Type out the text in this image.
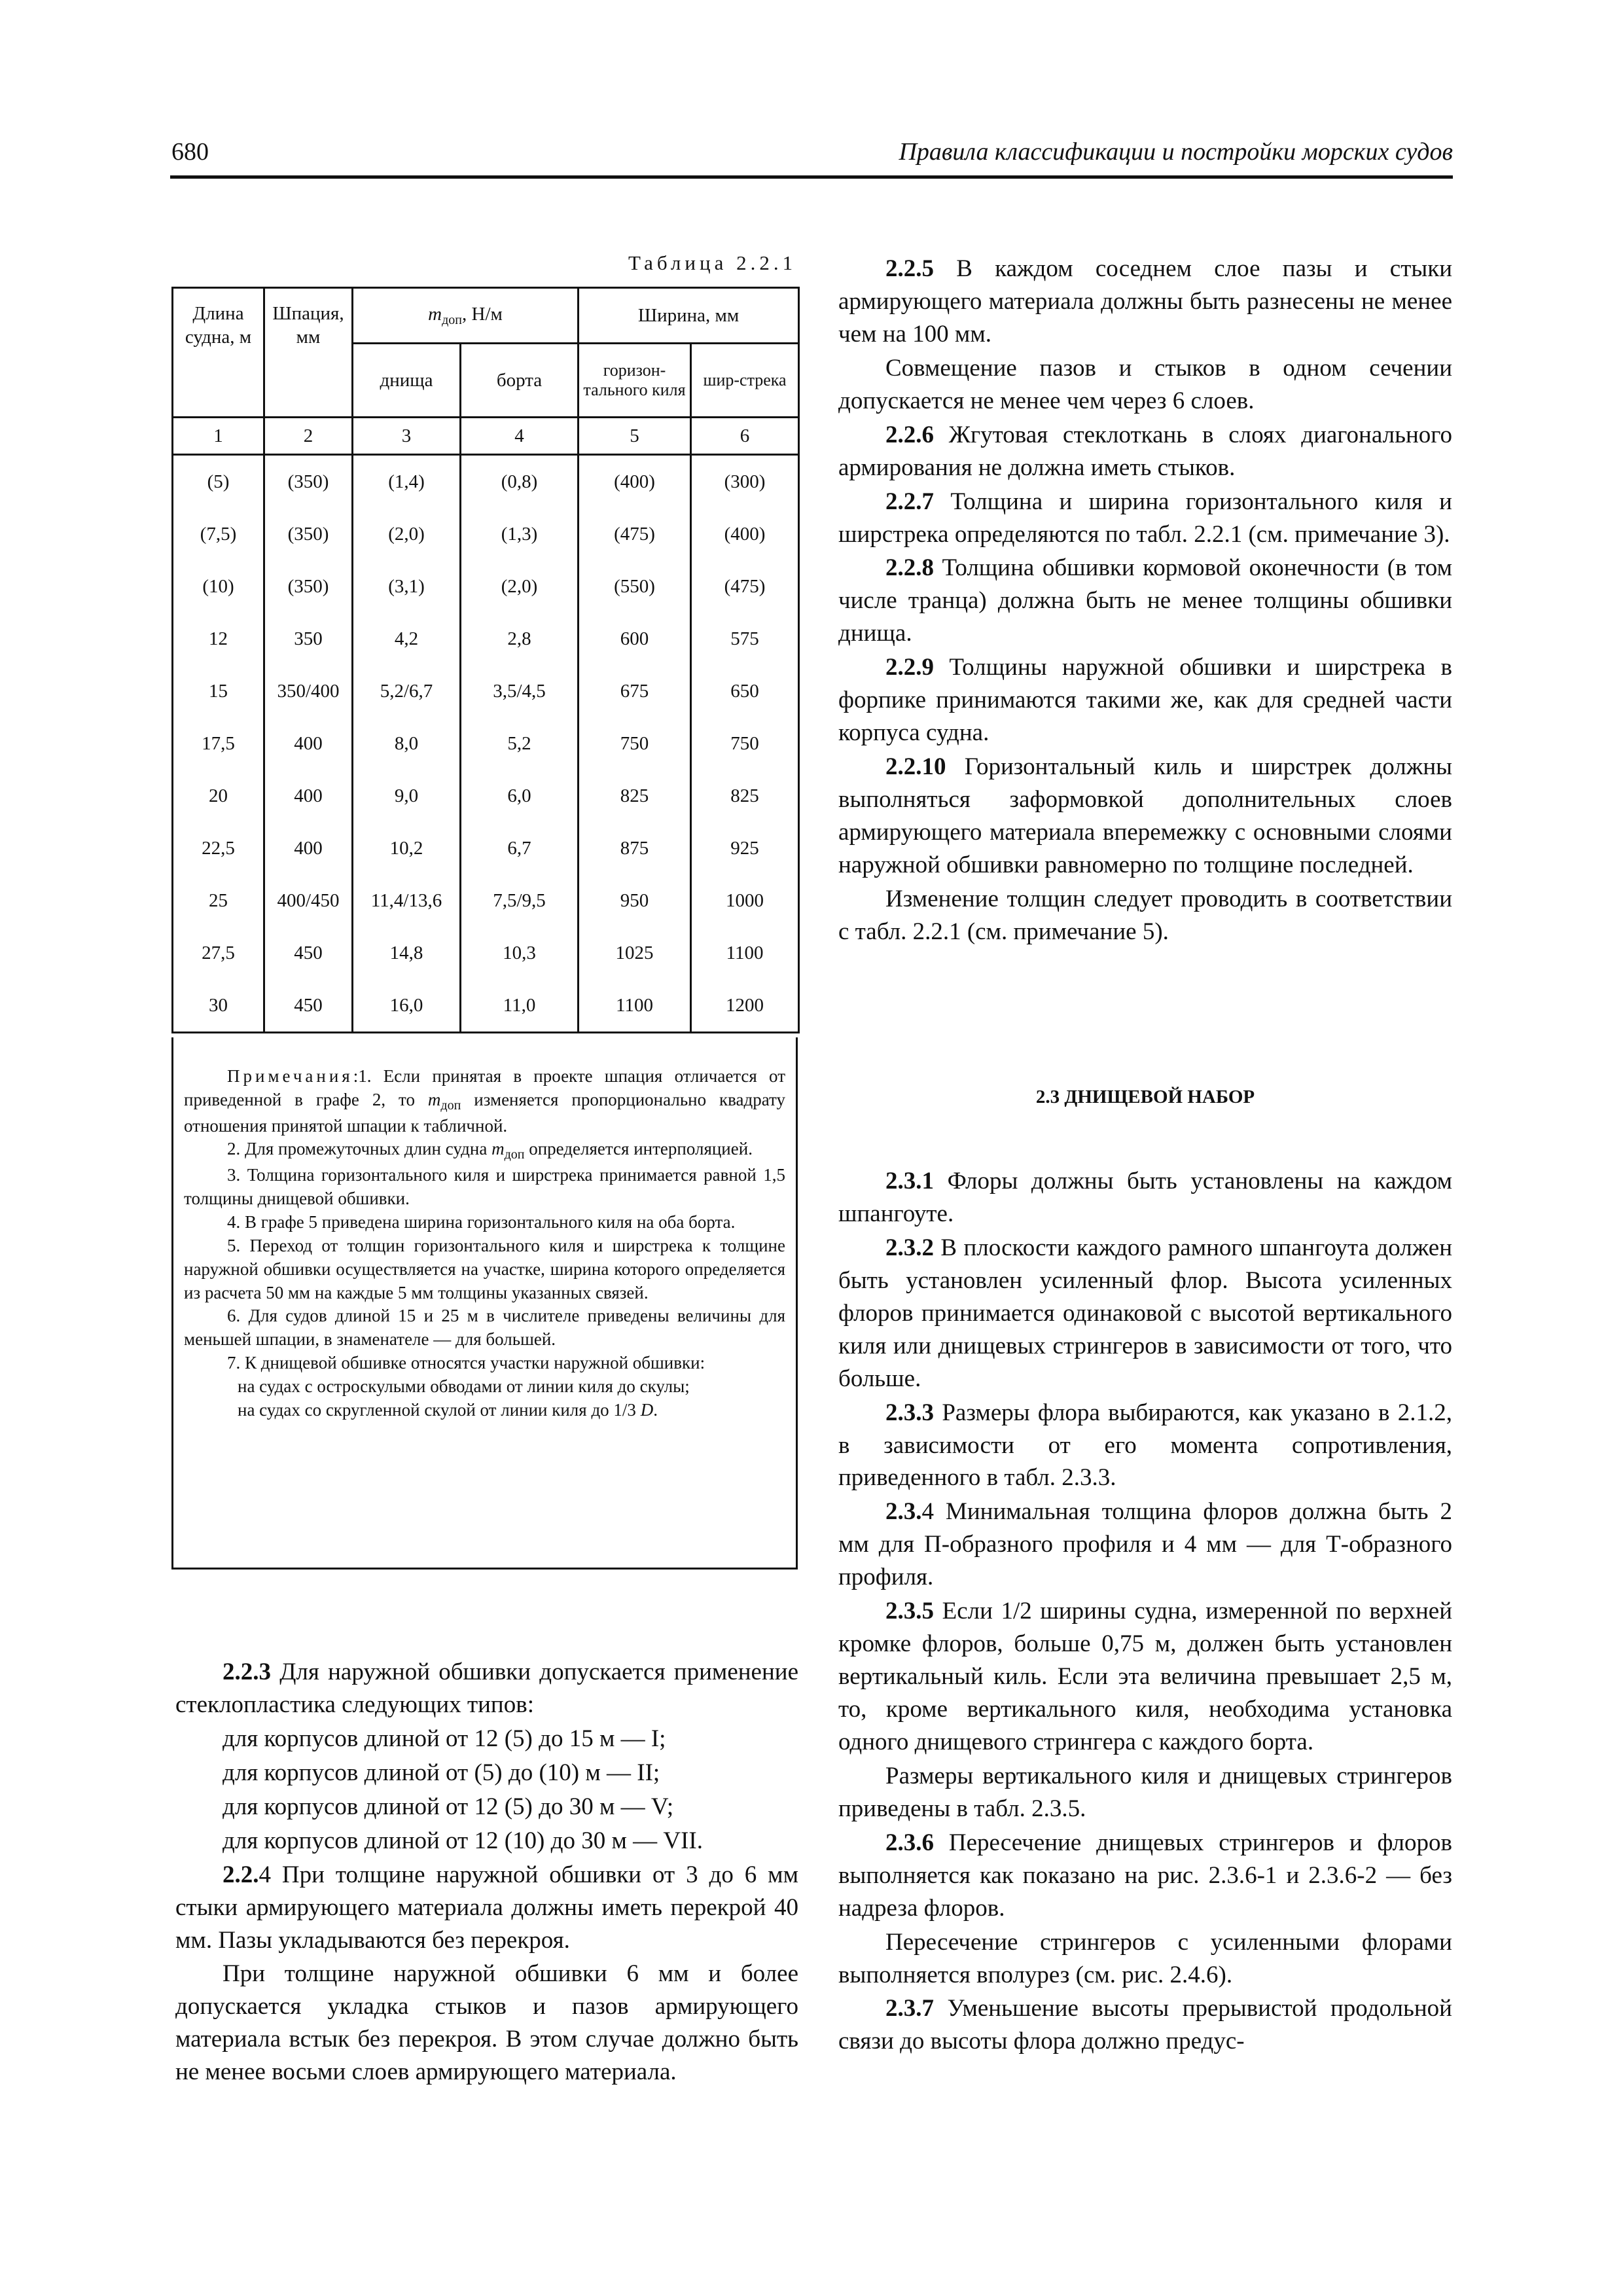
680	Правила классификации и постройки морских судов
Таблица 2.2.1
Длина судна, м	Шпация, мм	$m_{доп}$, Н/м		Ширина, мм	
		днища	борта	горизон-тального киля	шир-стрека
1	2	3	4	5	6
(5)	(350)	(1,4)	(0,8)	(400)	(300)
(7,5)	(350)	(2,0)	(1,3)	(475)	(400)
(10)	(350)	(3,1)	(2,0)	(550)	(475)
12	350	4,2	2,8	600	575
15	350/400	5,2/6,7	3,5/4,5	675	650
17,5	400	8,0	5,2	750	750
20	400	9,0	6,0	825	825
22,5	400	10,2	6,7	875	925
25	400/450	11,4/13,6	7,5/9,5	950	1000
27,5	450	14,8	10,3	1025	1100
30	450	16,0	11,0	1100	1200

Примечания:1. Если принятая в проекте шпация отличается от приведенной в графе 2, то $m_{доп}$ изменяется пропорционально квадрату отношения принятой шпации к табличной.

2. Для промежуточных длин судна $m_{доп}$ определяется интерполяцией.

3. Толщина горизонтального киля и ширстрека принимается равной 1,5 толщины днищевой обшивки.

4. В графе 5 приведена ширина горизонтального киля на оба борта.

5. Переход от толщин горизонтального киля и ширстрека к толщине наружной обшивки осуществляется на участке, ширина которого определяется из расчета 50 мм на каждые 5 мм толщины указанных связей.

6. Для судов длиной 15 и 25 м в числителе приведены величины для меньшей шпации, в знаменателе — для большей.

7. К днищевой обшивке относятся участки наружной обшивки:

на судах с остроскулыми обводами от линии киля до скулы;

на судах со скругленной скулой от линии киля до 1/3 D.

2.2.3 Для наружной обшивки допускается применение стеклопластика следующих типов:

для корпусов длиной от 12 (5) до 15 м — I;

для корпусов длиной от (5) до (10) м — II;

для корпусов длиной от 12 (5) до 30 м — V;

для корпусов длиной от 12 (10) до 30 м — VII.

2.2.4 При толщине наружной обшивки от 3 до 6 мм стыки армирующего материала должны иметь перекрой 40 мм. Пазы укладываются без перекроя.

При толщине наружной обшивки 6 мм и более допускается укладка стыков и пазов армирующего материала встык без перекроя. В этом случае должно быть не менее восьми слоев армирующего материала.

2.2.5 В каждом соседнем слое пазы и стыки армирующего материала должны быть разнесены не менее чем на 100 мм.

Совмещение пазов и стыков в одном сечении допускается не менее чем через 6 слоев.

2.2.6 Жгутовая стеклоткань в слоях диагонального армирования не должна иметь стыков.

2.2.7 Толщина и ширина горизонтального киля и ширстрека определяются по табл. 2.2.1 (см. примечание 3).

2.2.8 Толщина обшивки кормовой оконечности (в том числе транца) должна быть не менее толщины обшивки днища.

2.2.9 Толщины наружной обшивки и ширстрека в форпике принимаются такими же, как для средней части корпуса судна.

2.2.10 Горизонтальный киль и ширстрек должны выполняться заформовкой дополнительных слоев армирующего материала вперемежку с основными слоями наружной обшивки равномерно по толщине последней.

Изменение толщин следует проводить в соответствии с табл. 2.2.1 (см. примечание 5).

2.3 ДНИЩЕВОЙ НАБОР

2.3.1 Флоры должны быть установлены на каждом шпангоуте.

2.3.2 В плоскости каждого рамного шпангоута должен быть установлен усиленный флор. Высота усиленных флоров принимается одинаковой с высотой вертикального киля или днищевых стрингеров в зависимости от того, что больше.

2.3.3 Размеры флора выбираются, как указано в 2.1.2, в зависимости от его момента сопротивления, приведенного в табл. 2.3.3.

2.3.4 Минимальная толщина флоров должна быть 2 мм для П-образного профиля и 4 мм — для Т-образного профиля.

2.3.5 Если 1/2 ширины судна, измеренной по верхней кромке флоров, больше 0,75 м, должен быть установлен вертикальный киль. Если эта величина превышает 2,5 м, то, кроме вертикального киля, необходима установка одного днищевого стрингера с каждого борта.

Размеры вертикального киля и днищевых стрингеров приведены в табл. 2.3.5.

2.3.6 Пересечение днищевых стрингеров и флоров выполняется как показано на рис. 2.3.6-1 и 2.3.6-2 — без надреза флоров.

Пересечение стрингеров с усиленными флорами выполняется вполурез (см. рис. 2.4.6).

2.3.7 Уменьшение высоты прерывистой продольной связи до высоты флора должно предус-
